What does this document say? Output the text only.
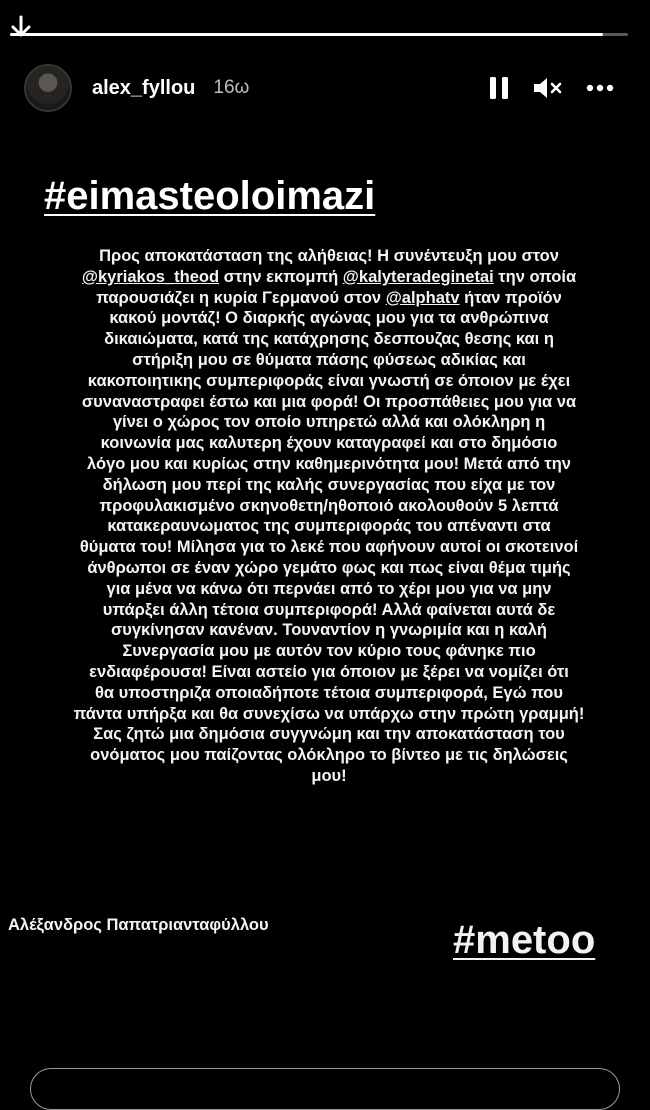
alex_fyllou 16ω
#eimasteoloimazi
Προς αποκατάσταση της αλήθειας! Η συνέντευξη μου στον
@kyriakos_theod στην εκπομπή @kalyteradeginetai την οποία
παρουσιάζει η κυρία Γερμανού στον @alphatv ήταν προϊόν
κακού μοντάζ! Ο διαρκής αγώνας μου για τα ανθρώπινα
δικαιώματα, κατά της κατάχρησης δεσπουζας θεσης και η
στήριξη μου σε θύματα πάσης φύσεως αδικίας και
κακοποιητικης συμπεριφοράς είναι γνωστή σε όποιον με έχει
συναναστραφει έστω και μια φορά! Οι προσπάθειες μου για να
γίνει ο χώρος τον οποίο υπηρετώ αλλά και ολόκληρη η
κοινωνία μας καλυτερη έχουν καταγραφεί και στο δημόσιο
λόγο μου και κυρίως στην καθημερινότητα μου! Μετά από την
δήλωση μου περί της καλής συνεργασίας που είχα με τον
προφυλακισμένο σκηνοθετη/ηθοποιό ακολουθούν 5 λεπτά
κατακεραυνωματος της συμπεριφοράς του απέναντι στα
θύματα του! Μίλησα για το λεκέ που αφήνουν αυτοί οι σκοτεινοί
άνθρωποι σε έναν χώρο γεμάτο φως και πως είναι θέμα τιμής
για μένα να κάνω ότι περνάει από το χέρι μου για να μην
υπάρξει άλλη τέτοια συμπεριφορά! Αλλά φαίνεται αυτά δε
συγκίνησαν κανέναν. Τουναντίον η γνωριμία και η καλή
Συνεργασία μου με αυτόν τον κύριο τους φάνηκε πιο
ενδιαφέρουσα! Είναι αστείο για όποιον με ξέρει να νομίζει ότι
θα υποστηριζα οποιαδήποτε τέτοια συμπεριφορά, Εγώ που
πάντα υπήρξα και θα συνεχίσω να υπάρχω στην πρώτη γραμμή!
Σας ζητώ μια δημόσια συγγνώμη και την αποκατάσταση του
ονόματος μου παίζοντας ολόκληρο το βίντεο με τις δηλώσεις
μου!
Αλέξανδρος Παπατριανταφύλλου	#metoo
